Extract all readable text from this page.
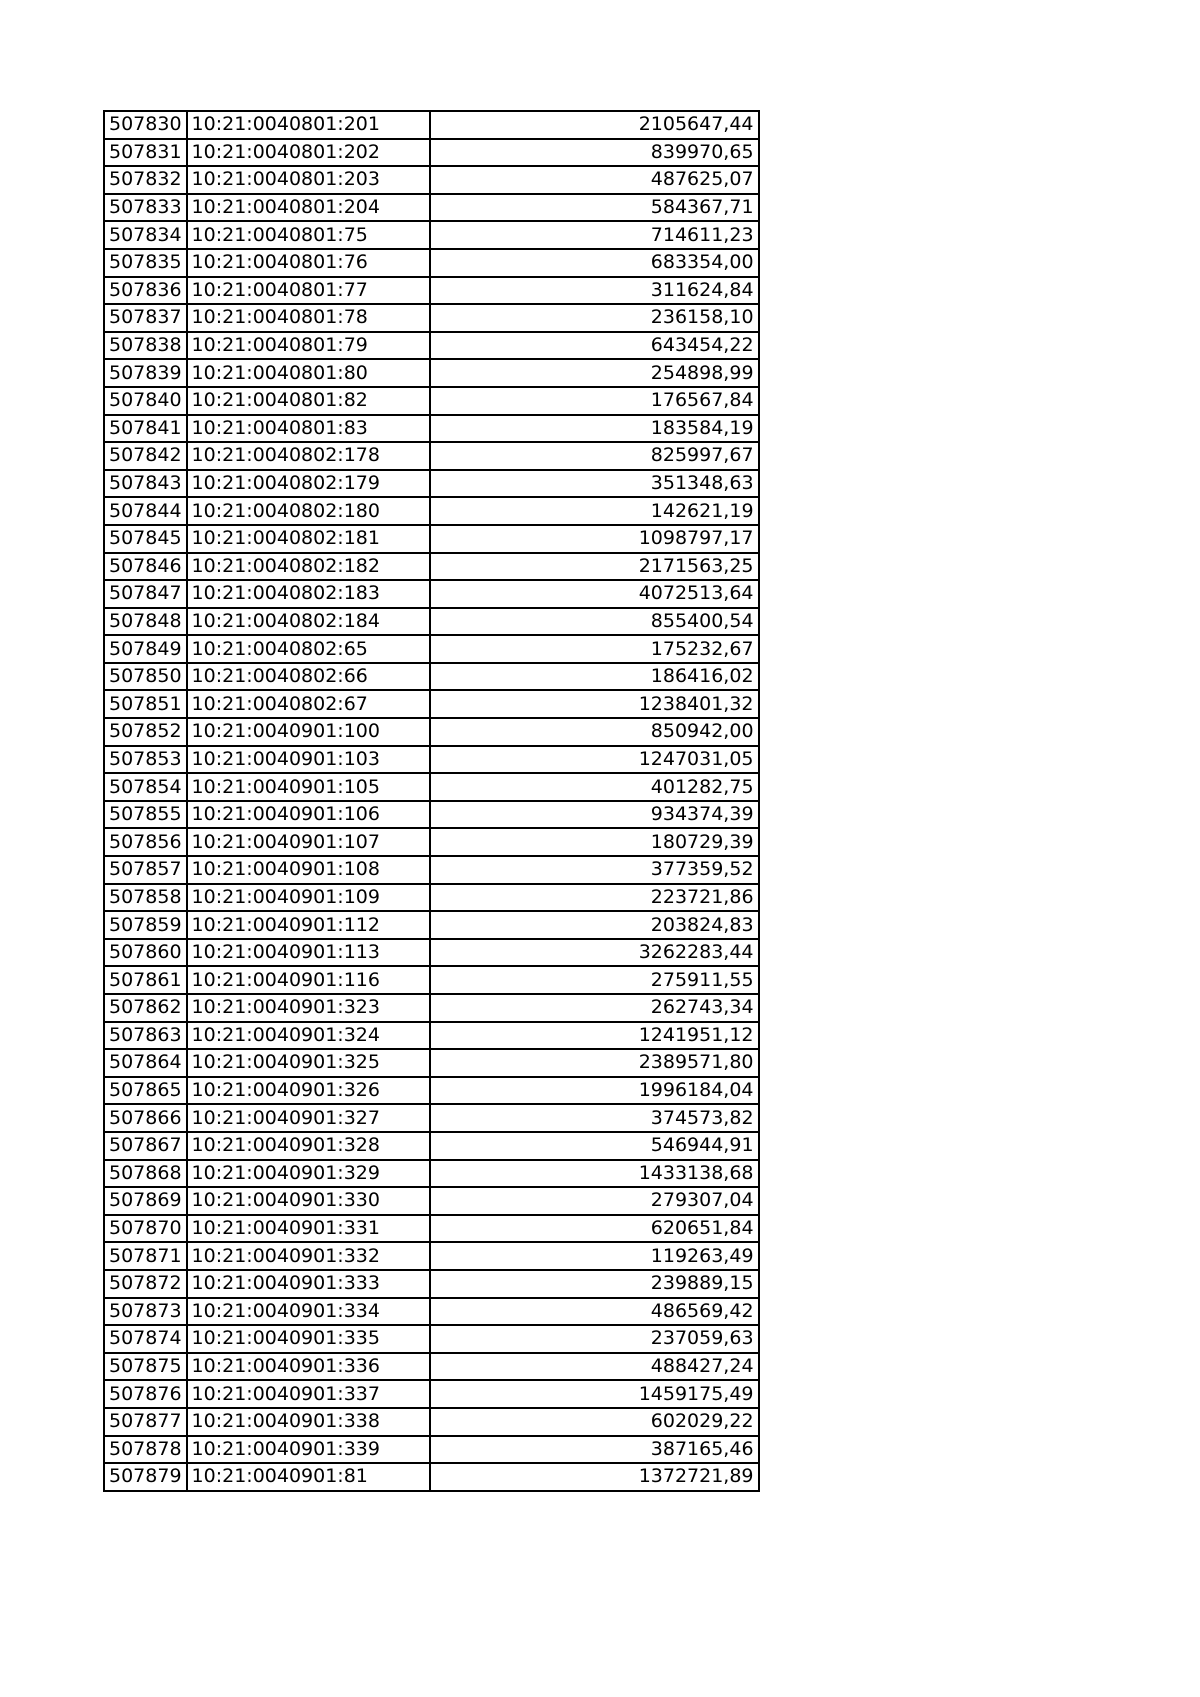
507830	10:21:0040801:201	2105647,44
507831	10:21:0040801:202	839970,65
507832	10:21:0040801:203	487625,07
507833	10:21:0040801:204	584367,71
507834	10:21:0040801:75	714611,23
507835	10:21:0040801:76	683354,00
507836	10:21:0040801:77	311624,84
507837	10:21:0040801:78	236158,10
507838	10:21:0040801:79	643454,22
507839	10:21:0040801:80	254898,99
507840	10:21:0040801:82	176567,84
507841	10:21:0040801:83	183584,19
507842	10:21:0040802:178	825997,67
507843	10:21:0040802:179	351348,63
507844	10:21:0040802:180	142621,19
507845	10:21:0040802:181	1098797,17
507846	10:21:0040802:182	2171563,25
507847	10:21:0040802:183	4072513,64
507848	10:21:0040802:184	855400,54
507849	10:21:0040802:65	175232,67
507850	10:21:0040802:66	186416,02
507851	10:21:0040802:67	1238401,32
507852	10:21:0040901:100	850942,00
507853	10:21:0040901:103	1247031,05
507854	10:21:0040901:105	401282,75
507855	10:21:0040901:106	934374,39
507856	10:21:0040901:107	180729,39
507857	10:21:0040901:108	377359,52
507858	10:21:0040901:109	223721,86
507859	10:21:0040901:112	203824,83
507860	10:21:0040901:113	3262283,44
507861	10:21:0040901:116	275911,55
507862	10:21:0040901:323	262743,34
507863	10:21:0040901:324	1241951,12
507864	10:21:0040901:325	2389571,80
507865	10:21:0040901:326	1996184,04
507866	10:21:0040901:327	374573,82
507867	10:21:0040901:328	546944,91
507868	10:21:0040901:329	1433138,68
507869	10:21:0040901:330	279307,04
507870	10:21:0040901:331	620651,84
507871	10:21:0040901:332	119263,49
507872	10:21:0040901:333	239889,15
507873	10:21:0040901:334	486569,42
507874	10:21:0040901:335	237059,63
507875	10:21:0040901:336	488427,24
507876	10:21:0040901:337	1459175,49
507877	10:21:0040901:338	602029,22
507878	10:21:0040901:339	387165,46
507879	10:21:0040901:81	1372721,89
